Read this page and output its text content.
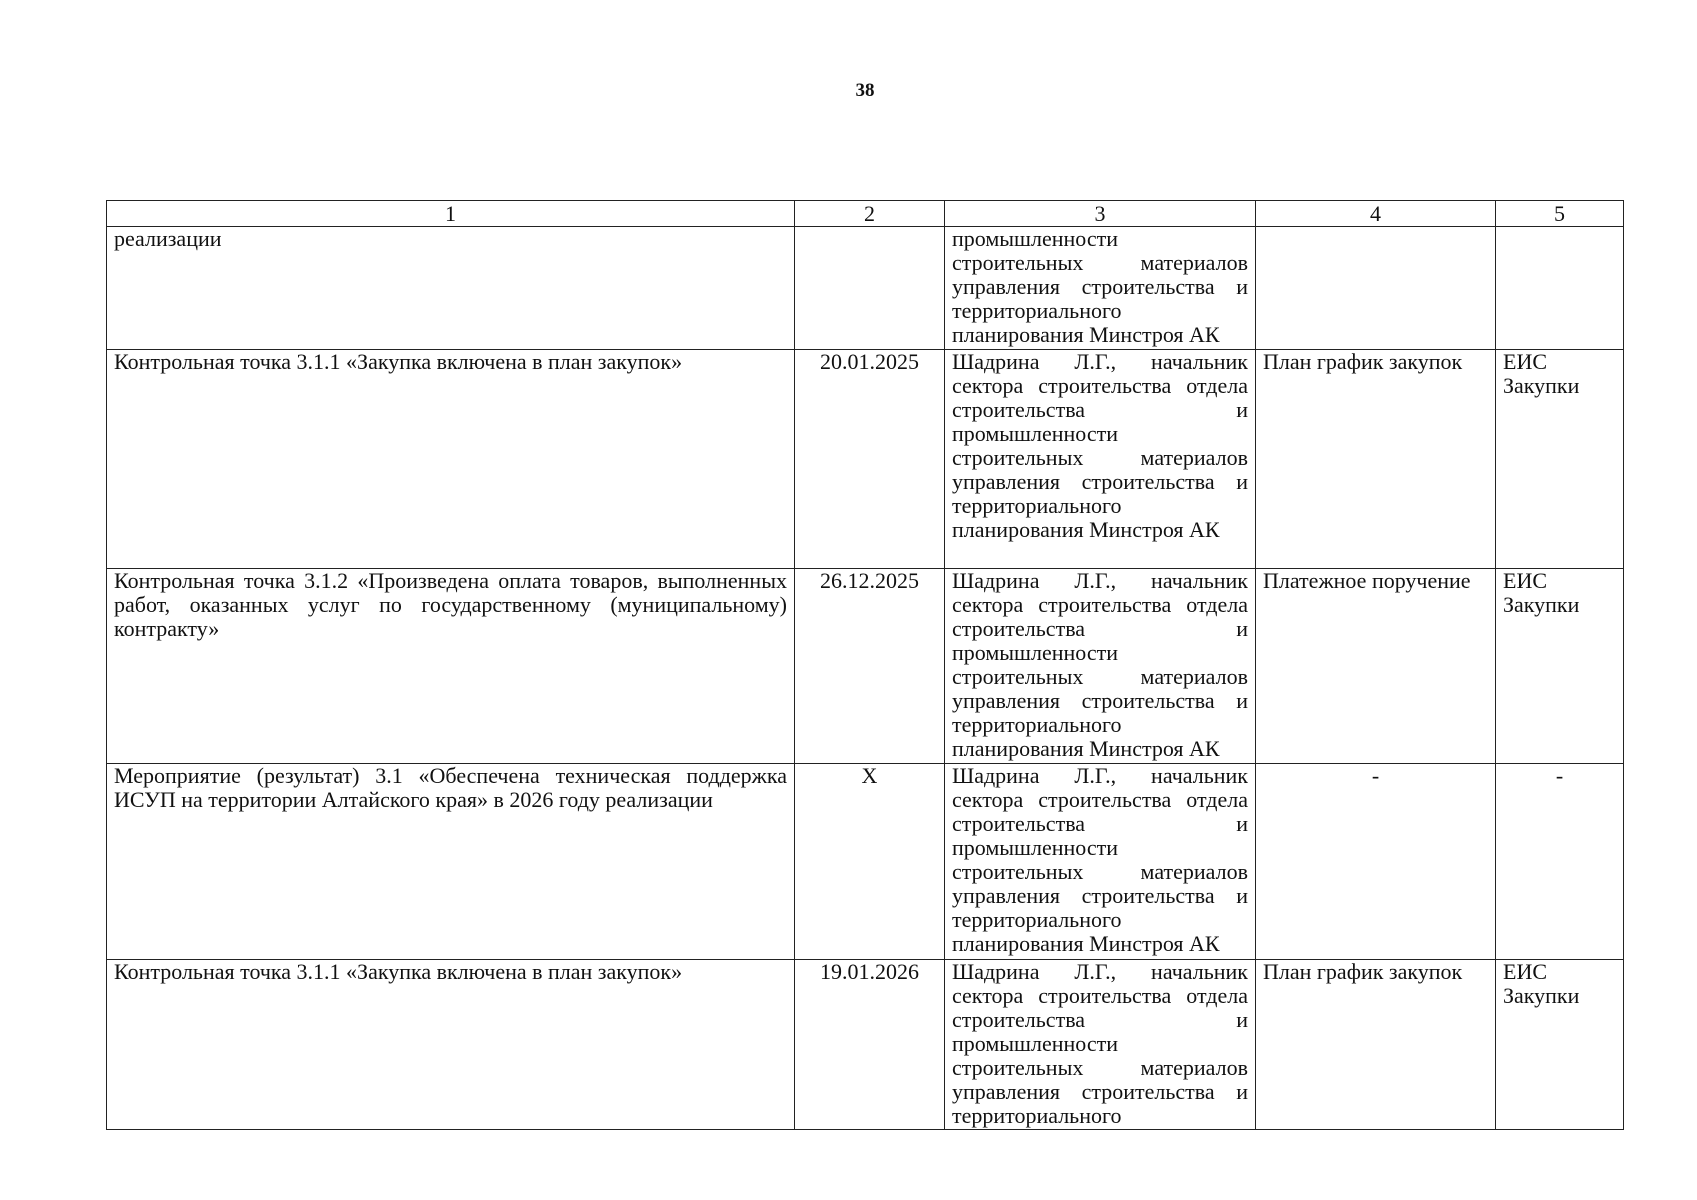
38
1	2	3	4	5
реализации		промышленности строительных материалов управления строительства и территориального планирования Минстроя АК		
Контрольная точка 3.1.1 «Закупка включена в план закупок»	20.01.2025	Шадрина Л.Г., начальник сектора строительства отдела строительства и промышленности строительных материалов управления строительства и территориального планирования Минстроя АК	План график закупок	ЕИС Закупки
Контрольная точка 3.1.2 «Произведена оплата товаров, выполненных работ, оказанных услуг по государственному (муниципальному) контракту»	26.12.2025	Шадрина Л.Г., начальник сектора строительства отдела строительства и промышленности строительных материалов управления строительства и территориального планирования Минстроя АК	Платежное поручение	ЕИС Закупки
Мероприятие (результат) 3.1 «Обеспечена техническая поддержка ИСУП на территории Алтайского края» в 2026 году реализации	X	Шадрина Л.Г., начальник сектора строительства отдела строительства и промышленности строительных материалов управления строительства и территориального планирования Минстроя АК	-	-
Контрольная точка 3.1.1 «Закупка включена в план закупок»	19.01.2026	Шадрина Л.Г., начальник сектора строительства отдела строительства и промышленности строительных материалов управления строительства и территориального	План график закупок	ЕИС Закупки
